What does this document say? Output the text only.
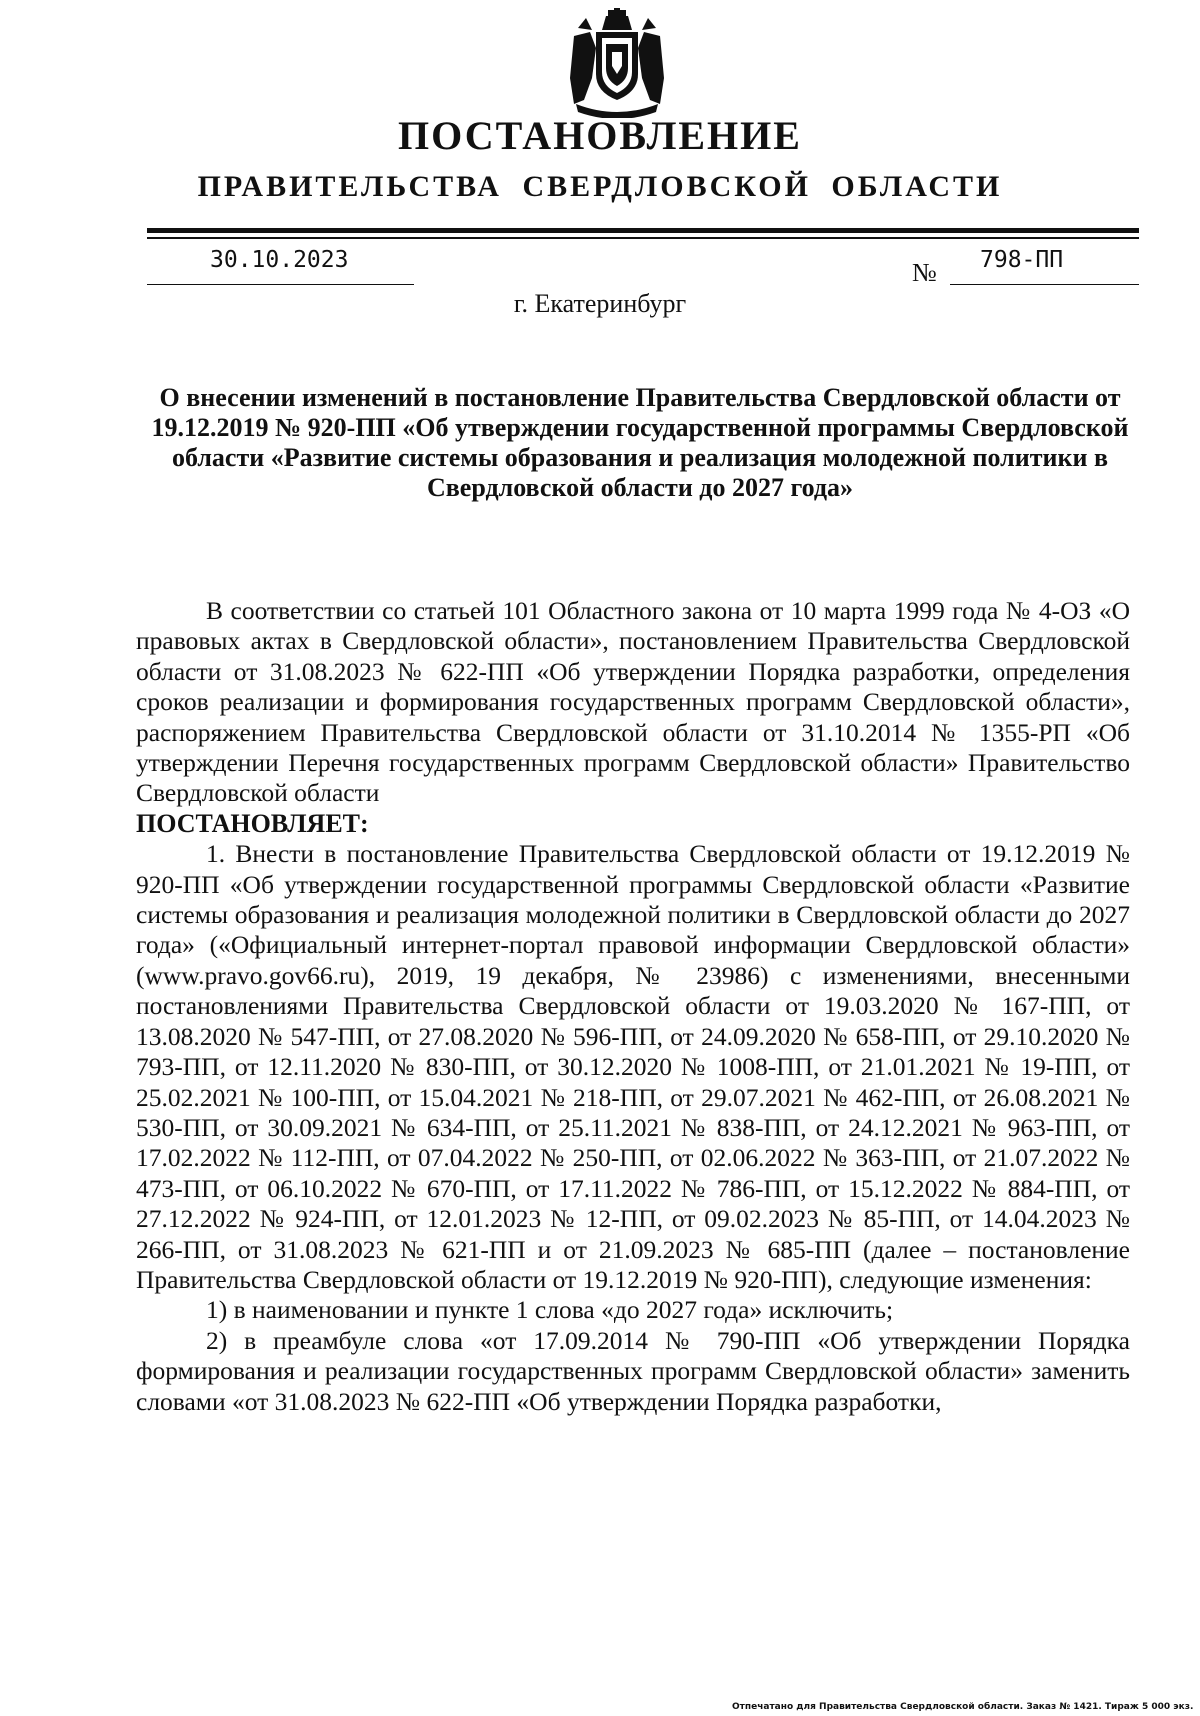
ПОСТАНОВЛЕНИЕ
ПРАВИТЕЛЬСТВА СВЕРДЛОВСКОЙ ОБЛАСТИ
30.10.2023	№ 798-ПП
г. Екатеринбург
О внесении изменений в постановление Правительства Свердловской области от 19.12.2019 № 920-ПП «Об утверждении государственной программы Свердловской области «Развитие системы образования и реализация молодежной политики в Свердловской области до 2027 года»

В соответствии со статьей 101 Областного закона от 10 марта 1999 года № 4-ОЗ «О правовых актах в Свердловской области», постановлением Правительства Свердловской области от 31.08.2023 № 622-ПП «Об утверждении Порядка разработки, определения сроков реализации и формирования государственных программ Свердловской области», распоряжением Правительства Свердловской области от 31.10.2014 № 1355-РП «Об утверждении Перечня государственных программ Свердловской области» Правительство Свердловской области

ПОСТАНОВЛЯЕТ:

1. Внести в постановление Правительства Свердловской области от 19.12.2019 № 920-ПП «Об утверждении государственной программы Свердловской области «Развитие системы образования и реализация молодежной политики в Свердловской области до 2027 года» («Официальный интернет-портал правовой информации Свердловской области» (www.pravo.gov66.ru), 2019, 19 декабря, № 23986) с изменениями, внесенными постановлениями Правительства Свердловской области от 19.03.2020 № 167-ПП, от 13.08.2020 № 547-ПП, от 27.08.2020 № 596-ПП, от 24.09.2020 № 658-ПП, от 29.10.2020 № 793-ПП, от 12.11.2020 № 830-ПП, от 30.12.2020 № 1008-ПП, от 21.01.2021 № 19-ПП, от 25.02.2021 № 100-ПП, от 15.04.2021 № 218-ПП, от 29.07.2021 № 462-ПП, от 26.08.2021 № 530-ПП, от 30.09.2021 № 634-ПП, от 25.11.2021 № 838-ПП, от 24.12.2021 № 963-ПП, от 17.02.2022 № 112-ПП, от 07.04.2022 № 250-ПП, от 02.06.2022 № 363-ПП, от 21.07.2022 № 473-ПП, от 06.10.2022 № 670-ПП, от 17.11.2022 № 786-ПП, от 15.12.2022 № 884-ПП, от 27.12.2022 № 924-ПП, от 12.01.2023 № 12-ПП, от 09.02.2023 № 85-ПП, от 14.04.2023 № 266-ПП, от 31.08.2023 № 621-ПП и от 21.09.2023 № 685-ПП (далее – постановление Правительства Свердловской области от 19.12.2019 № 920-ПП), следующие изменения:

1) в наименовании и пункте 1 слова «до 2027 года» исключить;

2) в преамбуле слова «от 17.09.2014 № 790-ПП «Об утверждении Порядка формирования и реализации государственных программ Свердловской области» заменить словами «от 31.08.2023 № 622-ПП «Об утверждении Порядка разработки,

Отпечатано для Правительства Свердловской области. Заказ № 1421. Тираж 5 000 экз.
